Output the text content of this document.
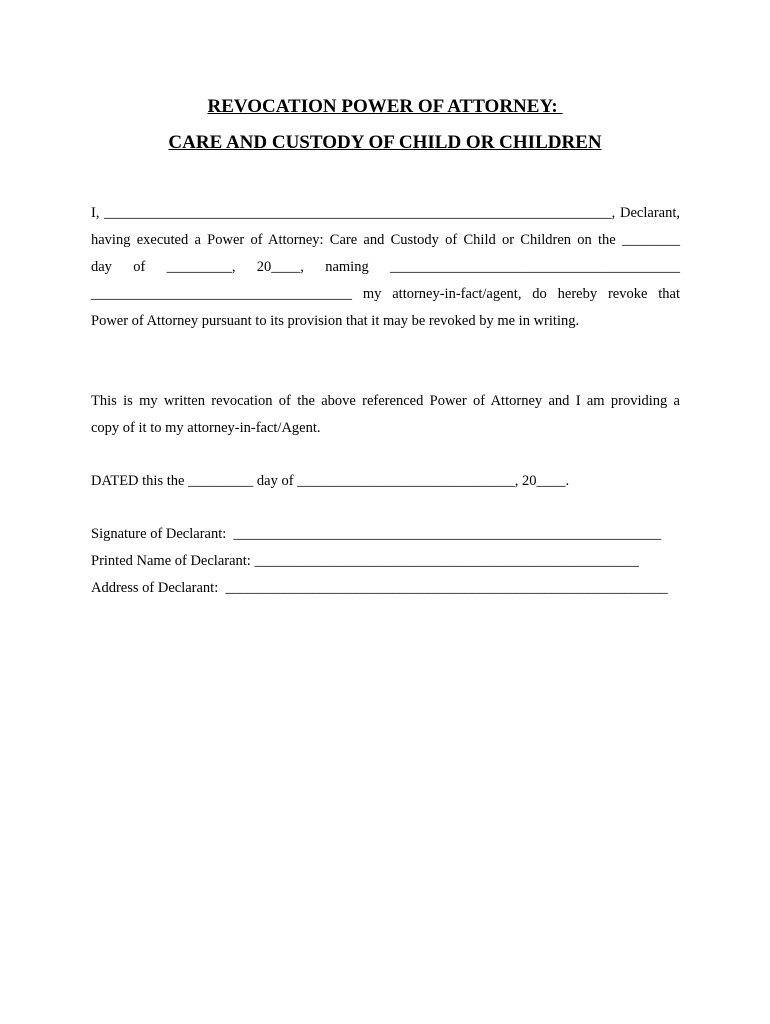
REVOCATION POWER OF ATTORNEY:
CARE AND CUSTODY OF CHILD OR CHILDREN
I, ______________________________________________________________________, Declarant,
having executed a Power of Attorney: Care and Custody of Child or Children on the ________
day   of   _________,   20____,   naming   ________________________________________
____________________________________ my attorney-in-fact/agent, do hereby revoke that
Power of Attorney pursuant to its provision that it may be revoked by me in writing.
This is my written revocation of the above referenced Power of Attorney and I am providing a
copy of it to my attorney-in-fact/Agent.
DATED this the _________ day of ______________________________, 20____.
Signature of Declarant:  ___________________________________________________________
Printed Name of Declarant: _____________________________________________________
Address of Declarant:  _____________________________________________________________
